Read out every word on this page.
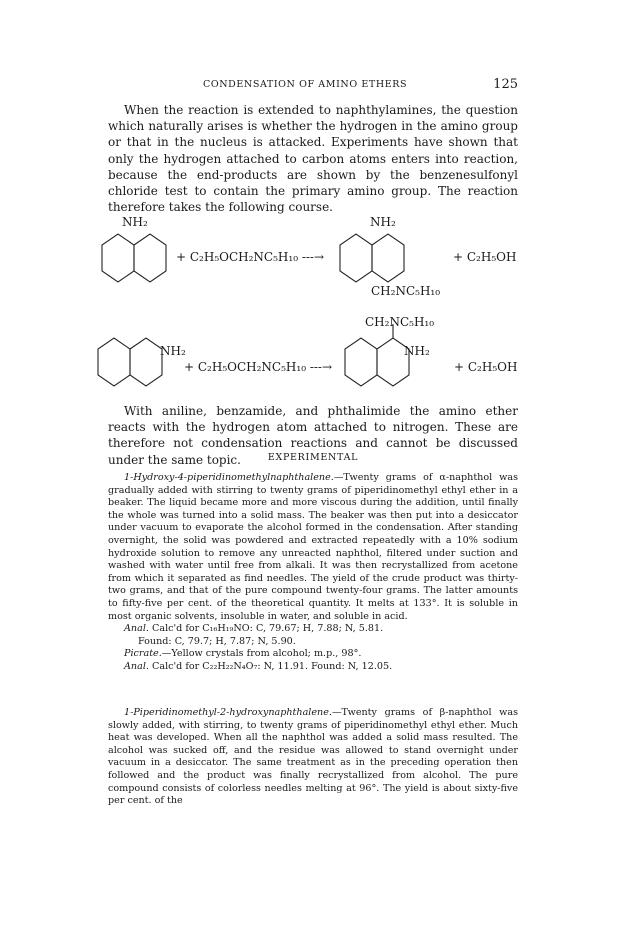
CONDENSATION OF AMINO ETHERS	125

When the reaction is extended to naphthylamines, the question which naturally arises is whether the hydrogen in the amino group or that in the nucleus is attacked. Experiments have shown that only the hydrogen attached to carbon atoms enters into reaction, because the end-products are shown by the benzenesulfonyl chloride test to contain the primary amino group. The reaction therefore takes the following course.

NH₂
+ C₂H₅OCH₂NC₅H₁₀ ---→
NH₂
CH₂NC₅H₁₀
+ C₂H₅OH
NH₂
+ C₂H₅OCH₂NC₅H₁₀ ---→
CH₂NC₅H₁₀
NH₂
+ C₂H₅OH

With aniline, benzamide, and phthalimide the amino ether reacts with the hydrogen atom attached to nitrogen. These are therefore not condensation reactions and cannot be discussed under the same topic.	EXPERIMENTAL

1-Hydroxy-4-piperidinomethylnaphthalene.—Twenty grams of α-naphthol was gradually added with stirring to twenty grams of piperidinomethyl ethyl ether in a beaker. The liquid became more and more viscous during the addition, until finally the whole was turned into a solid mass. The beaker was then put into a desiccator under vacuum to evaporate the alcohol formed in the condensation. After standing overnight, the solid was powdered and extracted repeatedly with a 10% sodium hydroxide solution to remove any unreacted naphthol, filtered under suction and washed with water until free from alkali. It was then recrystallized from acetone from which it separated as find needles. The yield of the crude product was thirty-two grams, and that of the pure compound twenty-four grams. The latter amounts to fifty-five per cent. of the theoretical quantity. It melts at 133°. It is soluble in most organic solvents, insoluble in water, and soluble in acid.

Anal. Calc'd for C₁₆H₁₉NO: C, 79.67; H, 7.88; N, 5.81.

Found: C, 79.7; H, 7.87; N, 5.90.

Picrate.—Yellow crystals from alcohol; m.p., 98°.

Anal. Calc'd for C₂₂H₂₂N₄O₇: N, 11.91. Found: N, 12.05.

1-Piperidinomethyl-2-hydroxynaphthalene.—Twenty grams of β-naphthol was slowly added, with stirring, to twenty grams of piperidinomethyl ethyl ether. Much heat was developed. When all the naphthol was added a solid mass resulted. The alcohol was sucked off, and the residue was allowed to stand overnight under vacuum in a desiccator. The same treatment as in the preceding operation then followed and the product was finally recrystallized from alcohol. The pure compound consists of colorless needles melting at 96°. The yield is about sixty-five per cent. of the
